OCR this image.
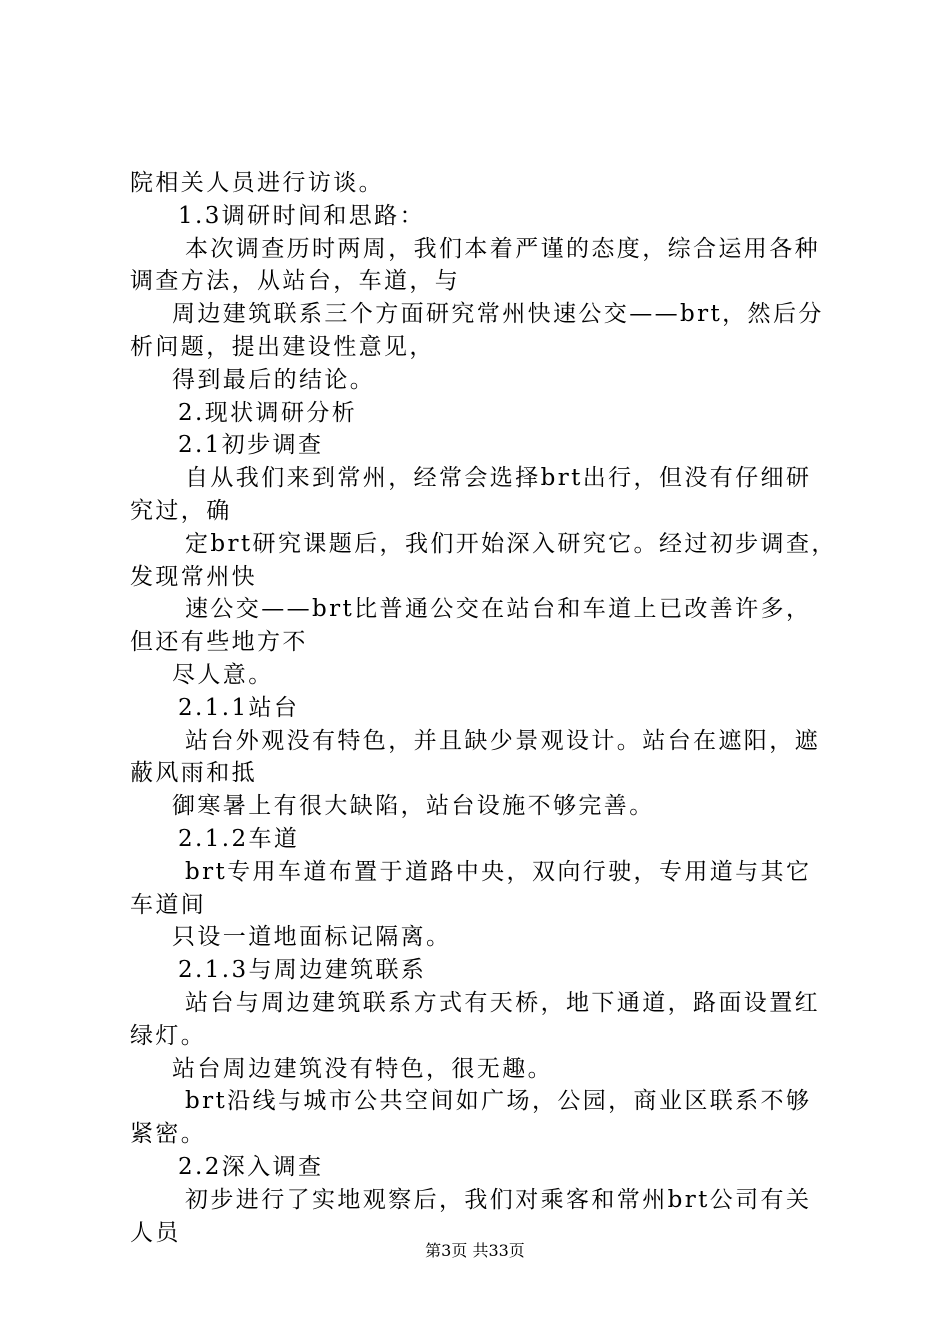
院相关人员进行访谈。
1.3调研时间和思路：
本次调查历时两周，我们本着严谨的态度，综合运用各种
调查方法，从站台，车道，与
周边建筑联系三个方面研究常州快速公交——brt，然后分
析问题，提出建设性意见，
得到最后的结论。
2.现状调研分析
2.1初步调查
自从我们来到常州，经常会选择brt出行，但没有仔细研
究过，确
定brt研究课题后，我们开始深入研究它。经过初步调查，
发现常州快
速公交——brt比普通公交在站台和车道上已改善许多，
但还有些地方不
尽人意。
2.1.1站台
站台外观没有特色，并且缺少景观设计。站台在遮阳，遮
蔽风雨和抵
御寒暑上有很大缺陷，站台设施不够完善。
2.1.2车道
brt专用车道布置于道路中央，双向行驶，专用道与其它
车道间
只设一道地面标记隔离。
2.1.3与周边建筑联系
站台与周边建筑联系方式有天桥，地下通道，路面设置红
绿灯。
站台周边建筑没有特色，很无趣。
brt沿线与城市公共空间如广场，公园，商业区联系不够
紧密。
2.2深入调查
初步进行了实地观察后，我们对乘客和常州brt公司有关
人员
第3页 共33页
